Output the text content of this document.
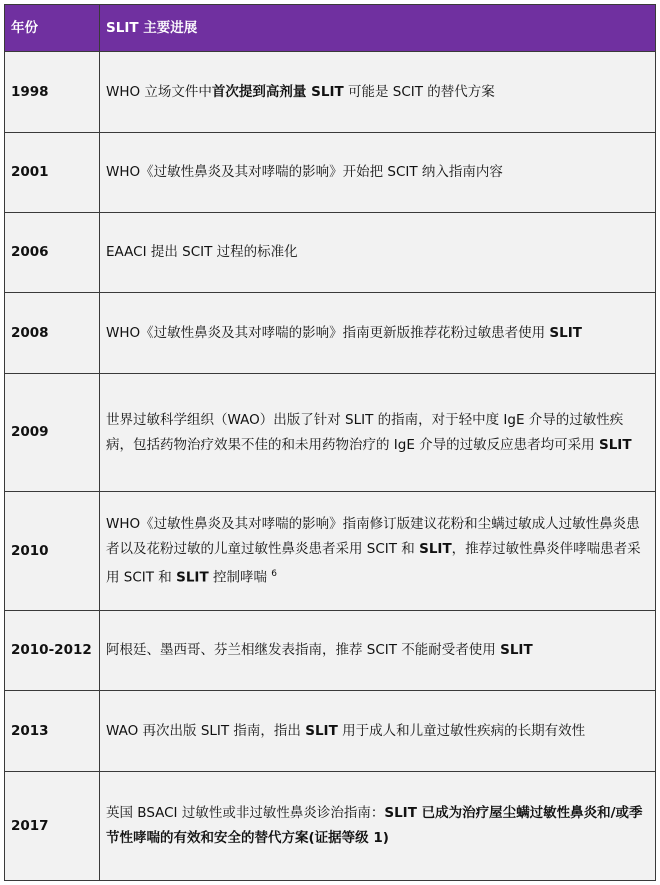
年份	SLIT 主要进展
1998	WHO 立场文件中首次提到高剂量 SLIT 可能是 SCIT 的替代方案
2001	WHO《过敏性鼻炎及其对哮喘的影响》开始把 SCIT 纳入指南内容
2006	EAACI 提出 SCIT 过程的标准化
2008	WHO《过敏性鼻炎及其对哮喘的影响》指南更新版推荐花粉过敏患者使用 SLIT
2009	世界过敏科学组织（WAO）出版了针对 SLIT 的指南，对于轻中度 IgE 介导的过敏性疾病，包括药物治疗效果不佳的和未用药物治疗的 IgE 介导的过敏反应患者均可采用 SLIT
2010	WHO《过敏性鼻炎及其对哮喘的影响》指南修订版建议花粉和尘螨过敏成人过敏性鼻炎患者以及花粉过敏的儿童过敏性鼻炎患者采用 SCIT 和 SLIT，推荐过敏性鼻炎伴哮喘患者采用 SCIT 和 SLIT 控制哮喘 $^6$
2010-2012	阿根廷、墨西哥、芬兰相继发表指南，推荐 SCIT 不能耐受者使用 SLIT
2013	WAO 再次出版 SLIT 指南，指出 SLIT 用于成人和儿童过敏性疾病的长期有效性
2017	英国 BSACI 过敏性或非过敏性鼻炎诊治指南：SLIT 已成为治疗屋尘螨过敏性鼻炎和/或季节性哮喘的有效和安全的替代方案(证据等级 1)
